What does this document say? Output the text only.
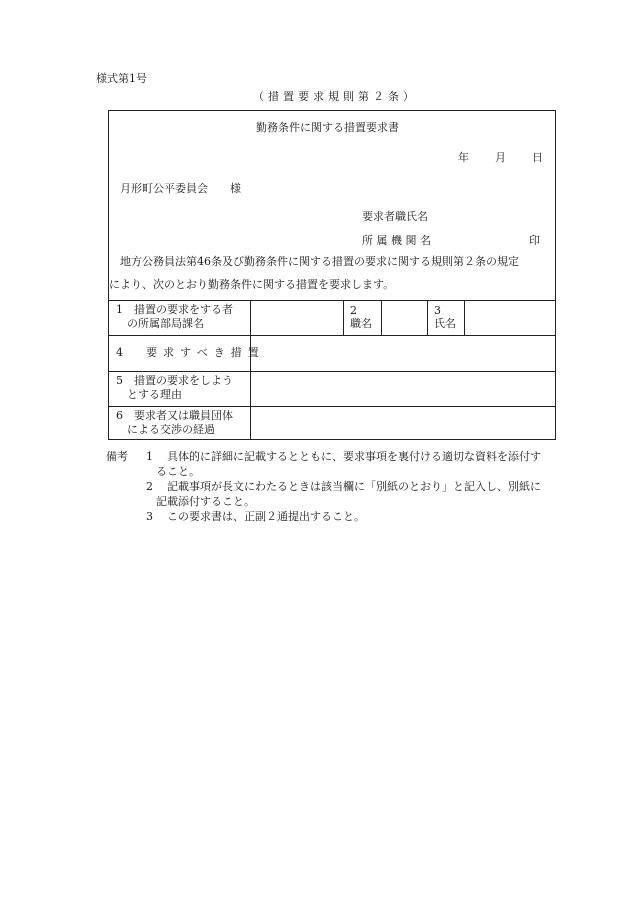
様式第1号
（措置要求規則第２条）
勤務条件に関する措置要求書
年 月 日
月形町公平委員会　　様
要求者職氏名
所 属 機 関 名	印
地方公務員法第46条及び勤務条件に関する措置の要求に関する規則第２条の規定
により、次のとおり勤務条件に関する措置を要求します。
1　措置の要求をする者
の所属部局課名
2
職名
3
氏名
4　要求すべき措置
5　措置の要求をしよう
とする理由
6　要求者又は職員団体
による交渉の経過
備考 1 具体的に詳細に記載するとともに、要求事項を裏付ける適切な資料を添付す
ること。
2 記載事項が長文にわたるときは該当欄に「別紙のとおり」と記入し、別紙に
記載添付すること。
3 この要求書は、正副２通提出すること。
